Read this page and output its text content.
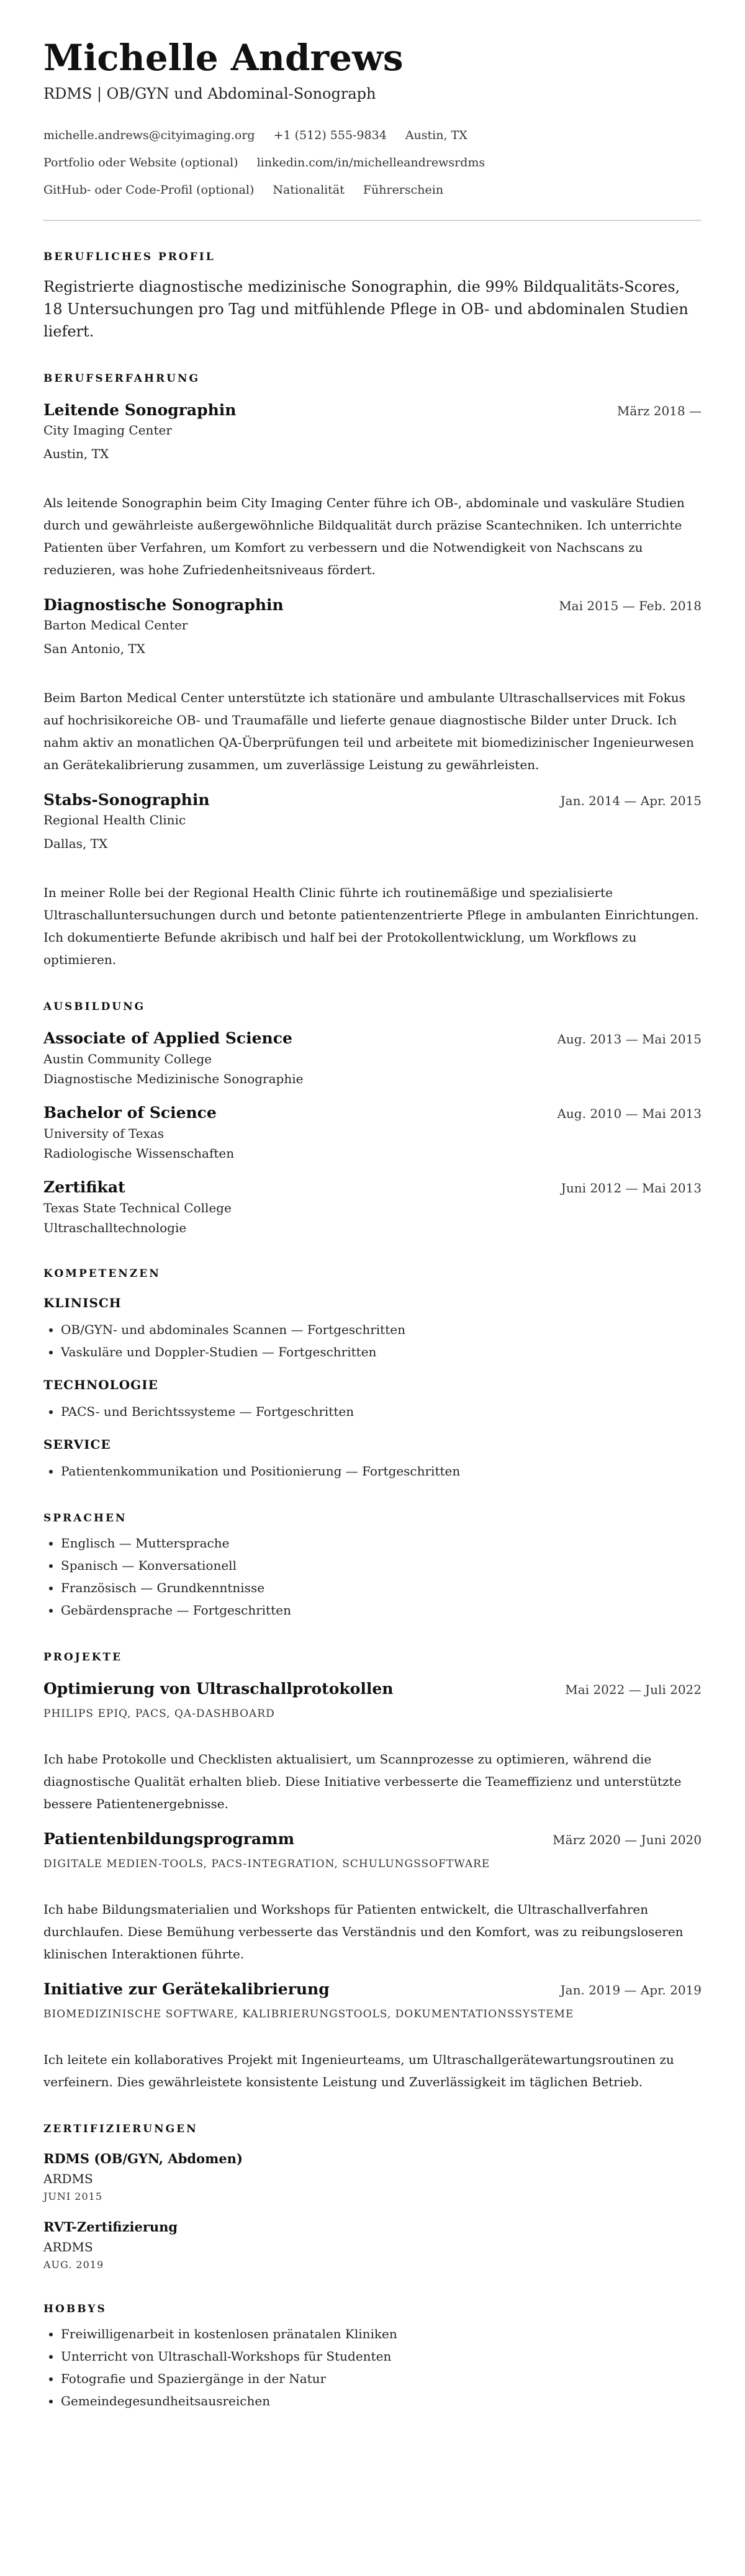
Michelle Andrews
RDMS | OB/GYN und Abdominal-Sonograph
michelle.andrews@cityimaging.org +1 (512) 555-9834 Austin, TX
Portfolio oder Website (optional) linkedin.com/in/michelleandrewsrdms
GitHub- oder Code-Profil (optional) Nationalität Führerschein
BERUFLICHES PROFIL
Registrierte diagnostische medizinische Sonographin, die 99% Bildqualitäts-Scores, 18 Untersuchungen pro Tag und mitfühlende Pflege in OB- und abdominalen Studien liefert.
BERUFSERFAHRUNG
Leitende Sonographin	März 2018 —
City Imaging Center
Austin, TX
Als leitende Sonographin beim City Imaging Center führe ich OB-, abdominale und vaskuläre Studien durch und gewährleiste außergewöhnliche Bildqualität durch präzise Scantechniken. Ich unterrichte Patienten über Verfahren, um Komfort zu verbessern und die Notwendigkeit von Nachscans zu reduzieren, was hohe Zufriedenheitsniveaus fördert.
Diagnostische Sonographin	Mai 2015 — Feb. 2018
Barton Medical Center
San Antonio, TX
Beim Barton Medical Center unterstützte ich stationäre und ambulante Ultraschallservices mit Fokus auf hochrisikoreiche OB- und Traumafälle und lieferte genaue diagnostische Bilder unter Druck. Ich nahm aktiv an monatlichen QA-Überprüfungen teil und arbeitete mit biomedizinischer Ingenieurwesen an Gerätekalibrierung zusammen, um zuverlässige Leistung zu gewährleisten.
Stabs-Sonographin	Jan. 2014 — Apr. 2015
Regional Health Clinic
Dallas, TX
In meiner Rolle bei der Regional Health Clinic führte ich routinemäßige und spezialisierte Ultraschalluntersuchungen durch und betonte patientenzentrierte Pflege in ambulanten Einrichtungen. Ich dokumentierte Befunde akribisch und half bei der Protokollentwicklung, um Workflows zu optimieren.
AUSBILDUNG
Associate of Applied Science	Aug. 2013 — Mai 2015
Austin Community College
Diagnostische Medizinische Sonographie
Bachelor of Science	Aug. 2010 — Mai 2013
University of Texas
Radiologische Wissenschaften
Zertifikat	Juni 2012 — Mai 2013
Texas State Technical College
Ultraschalltechnologie
KOMPETENZEN
KLINISCH
• OB/GYN- und abdominales Scannen — Fortgeschritten
• Vaskuläre und Doppler-Studien — Fortgeschritten
TECHNOLOGIE
• PACS- und Berichtssysteme — Fortgeschritten
SERVICE
• Patientenkommunikation und Positionierung — Fortgeschritten
SPRACHEN
• Englisch — Muttersprache
• Spanisch — Konversationell
• Französisch — Grundkenntnisse
• Gebärdensprache — Fortgeschritten
PROJEKTE
Optimierung von Ultraschallprotokollen	Mai 2022 — Juli 2022
PHILIPS EPIQ, PACS, QA-DASHBOARD
Ich habe Protokolle und Checklisten aktualisiert, um Scannprozesse zu optimieren, während die diagnostische Qualität erhalten blieb. Diese Initiative verbesserte die Teameffizienz und unterstützte bessere Patientenergebnisse.
Patientenbildungsprogramm	März 2020 — Juni 2020
DIGITALE MEDIEN-TOOLS, PACS-INTEGRATION, SCHULUNGSSOFTWARE
Ich habe Bildungsmaterialien und Workshops für Patienten entwickelt, die Ultraschallverfahren durchlaufen. Diese Bemühung verbesserte das Verständnis und den Komfort, was zu reibungsloseren klinischen Interaktionen führte.
Initiative zur Gerätekalibrierung	Jan. 2019 — Apr. 2019
BIOMEDIZINISCHE SOFTWARE, KALIBRIERUNGSTOOLS, DOKUMENTATIONSSYSTEME
Ich leitete ein kollaboratives Projekt mit Ingenieurteams, um Ultraschallgerätewartungsroutinen zu verfeinern. Dies gewährleistete konsistente Leistung und Zuverlässigkeit im täglichen Betrieb.
ZERTIFIZIERUNGEN
RDMS (OB/GYN, Abdomen)
ARDMS
JUNI 2015
RVT-Zertifizierung
ARDMS
AUG. 2019
HOBBYS
• Freiwilligenarbeit in kostenlosen pränatalen Kliniken
• Unterricht von Ultraschall-Workshops für Studenten
• Fotografie und Spaziergänge in der Natur
• Gemeindegesundheitsausreichen
